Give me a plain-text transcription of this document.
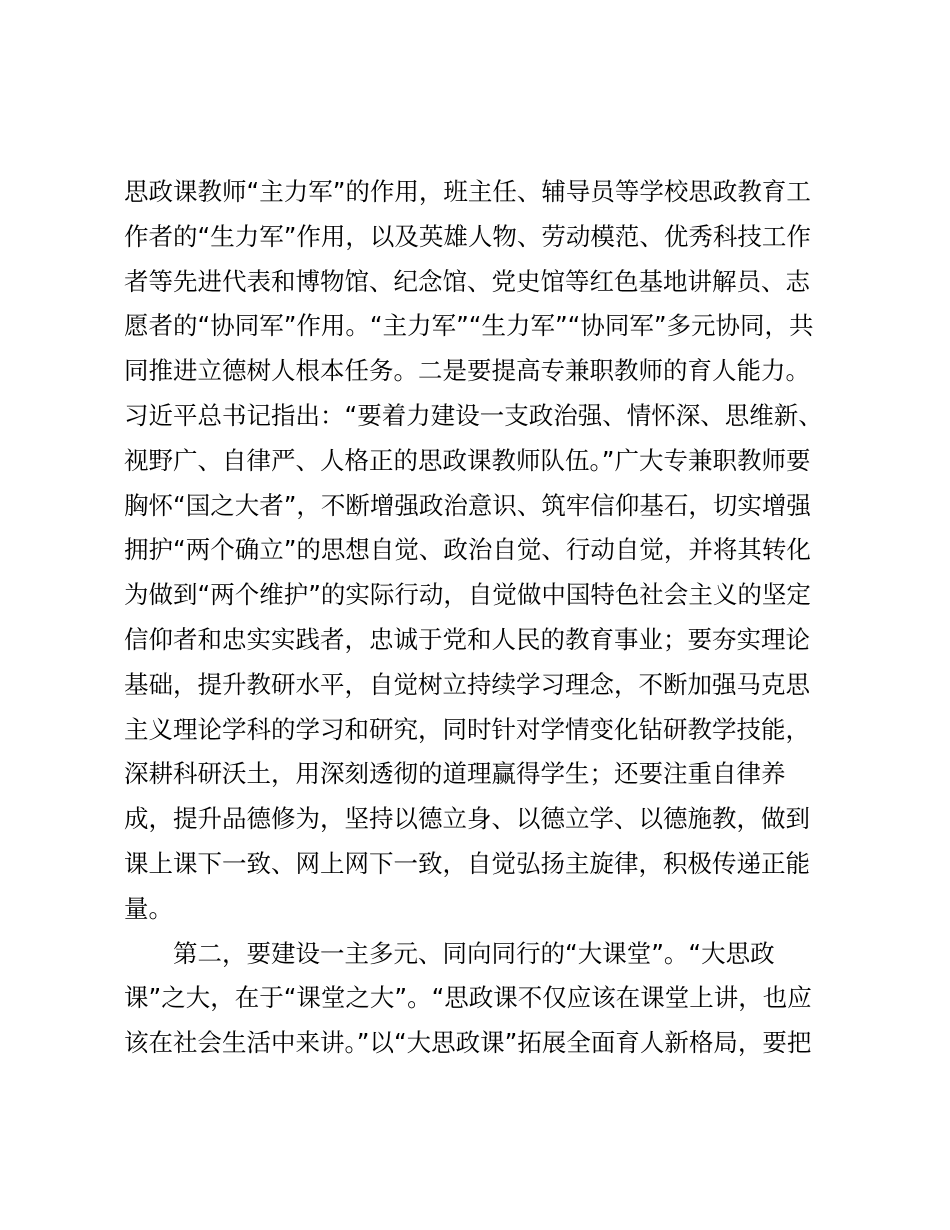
思政课教师“主力军”的作用，班主任、辅导员等学校思政教育工
作者的“生力军”作用，以及英雄人物、劳动模范、优秀科技工作
者等先进代表和博物馆、纪念馆、党史馆等红色基地讲解员、志
愿者的“协同军”作用。“主力军”“生力军”“协同军”多元协同，共
同推进立德树人根本任务。二是要提高专兼职教师的育人能力。
习近平总书记指出：“要着力建设一支政治强、情怀深、思维新、
视野广、自律严、人格正的思政课教师队伍。”广大专兼职教师要
胸怀“国之大者”，不断增强政治意识、筑牢信仰基石，切实增强
拥护“两个确立”的思想自觉、政治自觉、行动自觉，并将其转化
为做到“两个维护”的实际行动，自觉做中国特色社会主义的坚定
信仰者和忠实实践者，忠诚于党和人民的教育事业；要夯实理论
基础，提升教研水平，自觉树立持续学习理念，不断加强马克思
主义理论学科的学习和研究，同时针对学情变化钻研教学技能，
深耕科研沃土，用深刻透彻的道理赢得学生；还要注重自律养
成，提升品德修为，坚持以德立身、以德立学、以德施教，做到
课上课下一致、网上网下一致，自觉弘扬主旋律，积极传递正能
量。
第二，要建设一主多元、同向同行的“大课堂”。“大思政
课”之大，在于“课堂之大”。“思政课不仅应该在课堂上讲，也应
该在社会生活中来讲。”以“大思政课”拓展全面育人新格局，要把
